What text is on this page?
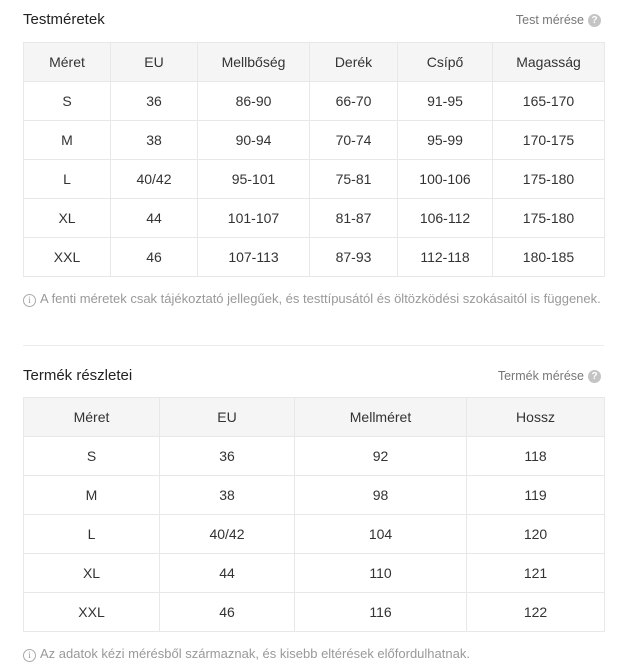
Testméretek	Test mérése ?
Méret	EU	Mellbőség	Derék	Csípő	Magasság
S	36	86-90	66-70	91-95	165-170
M	38	90-94	70-74	95-99	170-175
L	40/42	95-101	75-81	100-106	175-180
XL	44	101-107	81-87	106-112	175-180
XXL	46	107-113	87-93	112-118	180-185
i A fenti méretek csak tájékoztató jellegűek, és testtípusától és öltözködési szokásaitól is függenek.
Termék részletei	Termék mérése ?
Méret	EU	Mellméret	Hossz
S	36	92	118
M	38	98	119
L	40/42	104	120
XL	44	110	121
XXL	46	116	122
i Az adatok kézi mérésből származnak, és kisebb eltérések előfordulhatnak.
